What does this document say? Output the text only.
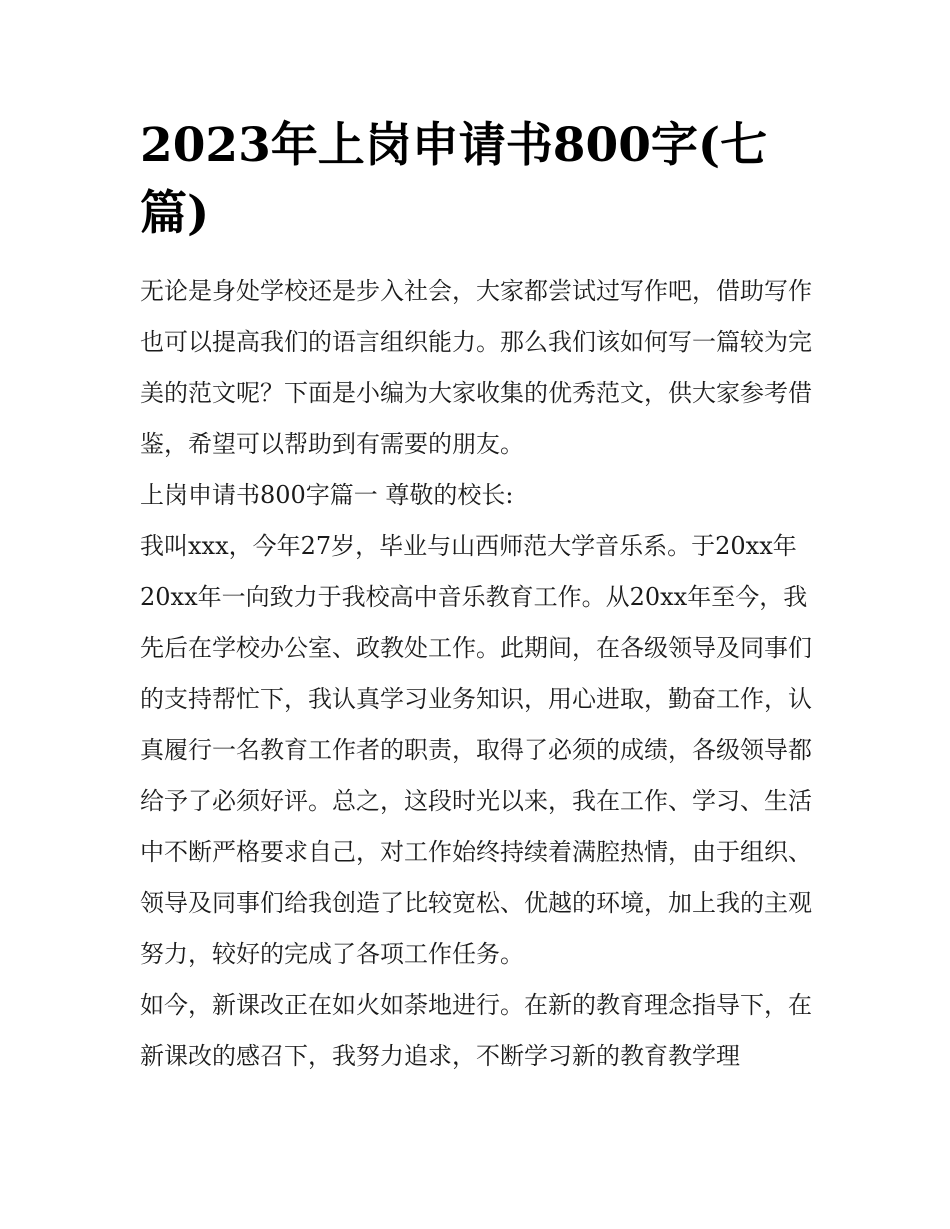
2023年上岗申请书800字(七篇)

无论是身处学校还是步入社会，大家都尝试过写作吧，借助写作也可以提高我们的语言组织能力。那么我们该如何写一篇较为完美的范文呢？下面是小编为大家收集的优秀范文，供大家参考借鉴，希望可以帮助到有需要的朋友。

上岗申请书800字篇一 尊敬的校长:

我叫xxx，今年27岁，毕业与山西师范大学音乐系。于20xx年20xx年一向致力于我校高中音乐教育工作。从20xx年至今，我先后在学校办公室、政教处工作。此期间，在各级领导及同事们的支持帮忙下，我认真学习业务知识，用心进取，勤奋工作，认真履行一名教育工作者的职责，取得了必须的成绩，各级领导都给予了必须好评。总之，这段时光以来，我在工作、学习、生活中不断严格要求自己，对工作始终持续着满腔热情，由于组织、领导及同事们给我创造了比较宽松、优越的环境，加上我的主观努力，较好的完成了各项工作任务。

如今，新课改正在如火如荼地进行。在新的教育理念指导下，在新课改的感召下，我努力追求，不断学习新的教育教学理
